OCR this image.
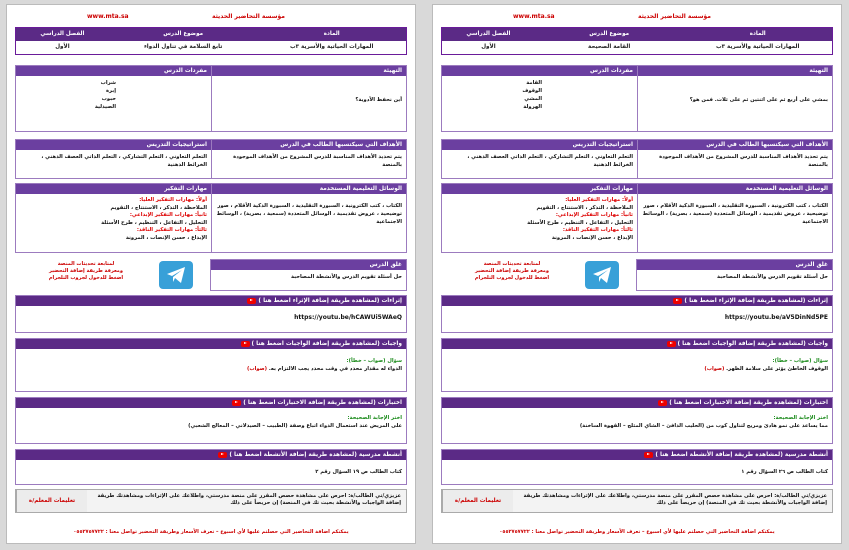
مؤسسة التحاضير الحديثة
www.mta.sa
المادة
موضوع الدرس
الفصل الدراسي
المهارات الحياتية والأسرية ٣ب
القامة الصحيحة
الأول
التهيئة
بمشي على أربع ثم على اثنتين ثم على ثلاث. فمن هو؟
مفردات الدرس
القامة
الوقوف
المشي
الهرولة
الأهداف التي سيكتسبها الطالب في الدرس
يتم تحديد الأهداف المناسبة للدرس المشروح من الأهداف الموجودة بالمنصة
استراتيجيات التدريس
التعلم التعاوني ، التعلم التشاركي ، التعلم الذاتي العصف الذهني ، الخرائط الذهنية
الوسائل التعليمية المستخدمة
الكتاب ، كتب الكترونية ، السبورة التقليدية ، السبورة الذكية الأقلام ، صور توضيحية ، عروض تقديمية ، الوسائل المتعددة (سمعية ، بصرية) ، الوسائط الاجتماعية
مهارات التفكير
أولاً: مهارات التفكير العليا:
الملاحظة ، التذكر ، الاستنتاج ، التقويم
ثانياً: مهارات التفكير الإبداعي:
التحليل ، التفاعل ، التنظيم ، طرح الأسئلة
ثالثاً: مهارات التفكير الناقد:
الإبداع ، حسن الإنصات ، المرونة
غلق الدرس
حل أسئلة تقويم الدرس والأنشطة المصاحبة
لمتابعة تحديثات المنصة
ومعرفة طريقة إضافة التحضير
اضغط للدخول لجروب التلجرام
إثراءات (لمشاهدة طريقة إضافة الإثراء اضغط هنا )
https://youtu.be/aV5DinNd5PE
واجبات (لمشاهدة طريقة إضافة الواجبات اضغط هنا )
سؤال (صواب – خطأ):
الوقوف الخاطئ يؤثر على سلامة الظهر. (صواب)
اختبارات (لمشاهدة طريقة إضافة الاختبارات اضغط هنا )
اختر الإجابة الصحيحة:
مما يساعد على نمو هادئ ومريح لتناول كوب من (الحليب الدافئ – الشاي المثلج – القهوة الساخنة)
أنشطة مدرسية (لمشاهدة طريقة إضافة الأنشطة اضغط هنا )
كتاب الطالب ص ٢٦ السؤال رقم ١
عزيزي/تي الطالب/ة: احرص على مشاهدة حصص المقرر على منصة مدرستي، واطلاعك على الإثراءات ومشاهدتك طريقة إضافة الواجبات والأنشطة بحيث تك في المنصة) إن حريصاً على ذلك
تعليمات المعلم/ة
يمكنكم اضافة التحاضير التي حصلتم عليها لأي اسبوع – تعرف الأسعار وطريقة التحضير تواصل معنا : ٠٥٥٢٧٥٧٧٢٢
مؤسسة التحاضير الحديثة
www.mta.sa
المادة
موضوع الدرس
الفصل الدراسي
المهارات الحياتية والأسرية ٣ب
تابع السلامة في تناول الدواء
الأول
التهيئة
أين نحفظ الأدوية؟
مفردات الدرس
شراب
إبرة
حبوب
الصيدلية
الأهداف التي سيكتسبها الطالب في الدرس
يتم تحديد الأهداف المناسبة للدرس المشروح من الأهداف الموجودة بالمنصة
استراتيجيات التدريس
التعلم التعاوني ، التعلم التشاركي ، التعلم الذاتي العصف الذهني ، الخرائط الذهنية
الوسائل التعليمية المستخدمة
الكتاب ، كتب الكترونية ، السبورة التقليدية ، السبورة الذكية الأقلام ، صور توضيحية ، عروض تقديمية ، الوسائل المتعددة (سمعية ، بصرية) ، الوسائط الاجتماعية
مهارات التفكير
أولاً: مهارات التفكير العليا:
الملاحظة ، التذكر ، الاستنتاج ، التقويم
ثانياً: مهارات التفكير الإبداعي:
التحليل ، التفاعل ، التنظيم ، طرح الأسئلة
ثالثاً: مهارات التفكير الناقد:
الإبداع ، حسن الإنصات ، المرونة
غلق الدرس
حل أسئلة تقويم الدرس والأنشطة المصاحبة
لمتابعة تحديثات المنصة
ومعرفة طريقة إضافة التحضير
اضغط للدخول لجروب التلجرام
إثراءات (لمشاهدة طريقة إضافة الإثراء اضغط هنا )
https://youtu.be/hCAWUi5WAeQ
واجبات (لمشاهدة طريقة إضافة الواجبات اضغط هنا )
سؤال (صواب – خطأ):
الدواء له مقدار محدد في وقت محدد يجب الالتزام به. (صواب)
اختبارات (لمشاهدة طريقة إضافة الاختبارات اضغط هنا )
اختر الإجابة الصحيحة:
على المريض عند استعمال الدواء اتباع وصفة (الطبيب – الصيدلاني – المعالج الشعبي)
أنشطة مدرسية (لمشاهدة طريقة إضافة الأنشطة اضغط هنا )
كتاب الطالب ص ١٩ السؤال رقم ٢
عزيزي/تي الطالب/ة: احرص على مشاهدة حصص المقرر على منصة مدرستي، واطلاعك على الإثراءات ومشاهدتك طريقة إضافة الواجبات والأنشطة بحيث تك في المنصة) إن حريصاً على ذلك
تعليمات المعلم/ة
يمكنكم اضافة التحاضير التي حصلتم عليها لأي اسبوع – تعرف الأسعار وطريقة التحضير تواصل معنا : ٠٥٥٢٧٥٧٧٢٢
